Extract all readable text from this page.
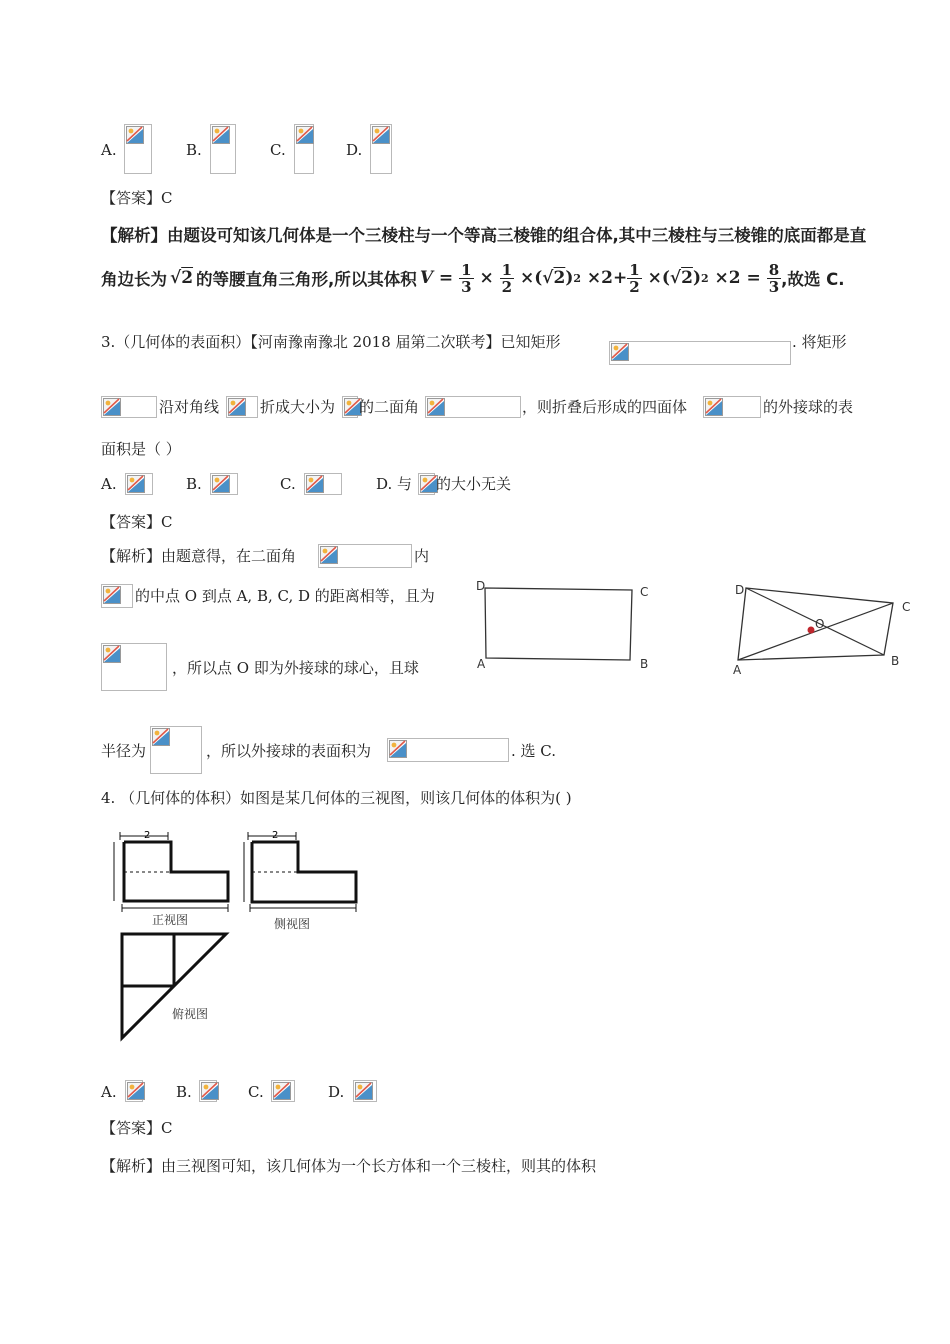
A.	B.	C.	D.
【答案】C
【解析】由题设可知该几何体是一个三棱柱与一个等高三棱锥的组合体,其中三棱柱与三棱锥的底面都是直
角边长为 √2 的等腰直角三角形,所以其体积 $V = \frac{1}{3} \times \frac{1}{2}$ ×(√ 2 ) $2 \times 2+ \frac{1}{2}$ ×(√ 2 ) $2 \times 2 = \frac{8}{3}$ ,故选 C.
3.（几何体的表面积）【河南豫南豫北 2018 届第二次联考】已知矩形	. 将矩形
沿对角线	折成大小为 的二面角	，则折叠后形成的四面体	的外接球的表
面积是（ ）
A.	B.	C.	D. 与 的大小无关
【答案】C
【解析】由题意得，在二面角	内
的中点 O 到点 A, B, C, D 的距离相等，且为
，所以点 O 即为外接球的球心，且球
半径为	，所以外接球的表面积为	. 选 C.
D	C
A	B
D
C
O
A
B
4. （几何体的体积）如图是某几何体的三视图，则该几何体的体积为( )
2
正视图
2
侧视图
俯视图
A.	B.	C.	D.
【答案】C
【解析】由三视图可知，该几何体为一个长方体和一个三棱柱，则其的体积
